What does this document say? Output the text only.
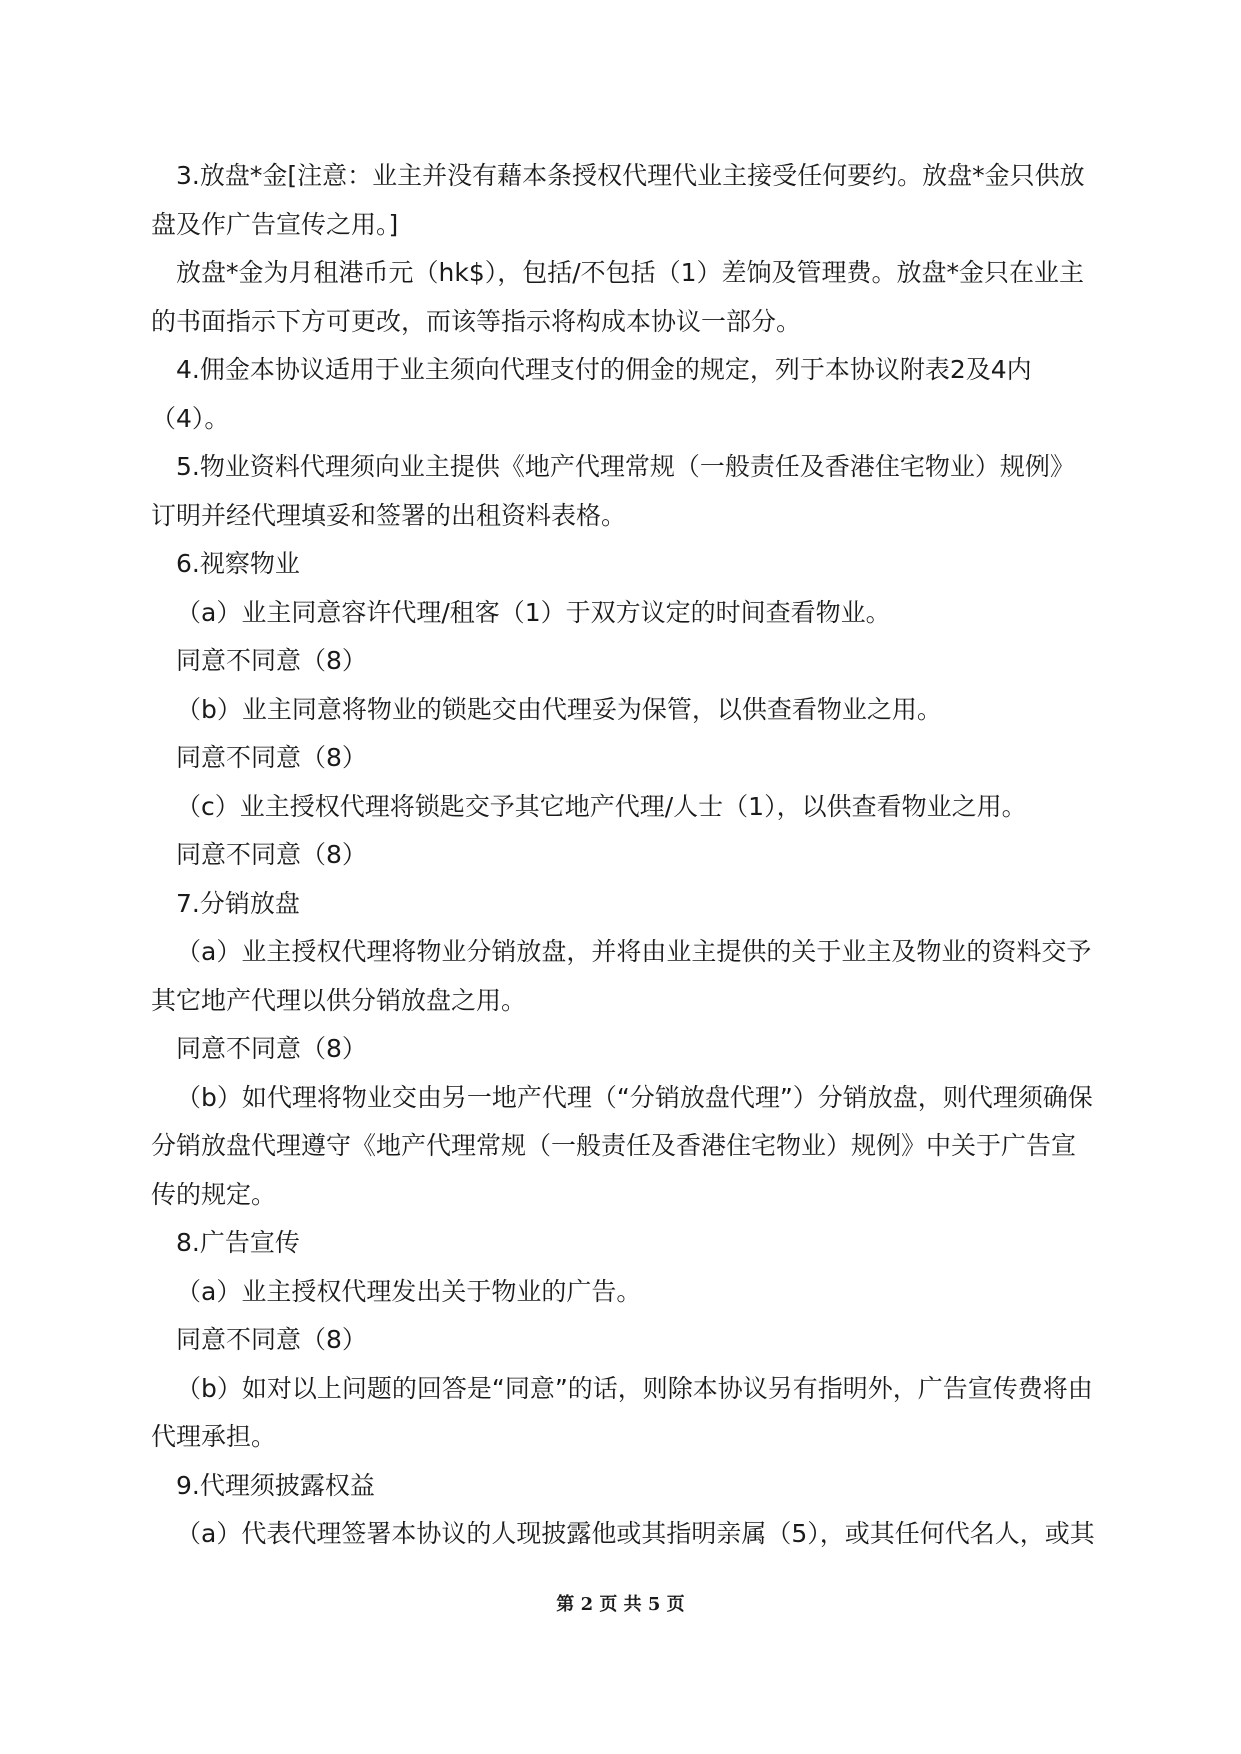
3.放盘*金[注意：业主并没有藉本条授权代理代业主接受任何要约。放盘*金只供放盘及作广告宣传之用。]

放盘*金为月租港币元（hk$），包括/不包括（1）差饷及管理费。放盘*金只在业主的书面指示下方可更改，而该等指示将构成本协议一部分。

4.佣金本协议适用于业主须向代理支付的佣金的规定，列于本协议附表2及4内（4）。

5.物业资料代理须向业主提供《地产代理常规（一般责任及香港住宅物业）规例》订明并经代理填妥和签署的出租资料表格。

6.视察物业

（a）业主同意容许代理/租客（1）于双方议定的时间查看物业。

同意不同意（8）

（b）业主同意将物业的锁匙交由代理妥为保管，以供查看物业之用。

同意不同意（8）

（c）业主授权代理将锁匙交予其它地产代理/人士（1），以供查看物业之用。

同意不同意（8）

7.分销放盘

（a）业主授权代理将物业分销放盘，并将由业主提供的关于业主及物业的资料交予其它地产代理以供分销放盘之用。

同意不同意（8）

（b）如代理将物业交由另一地产代理（“分销放盘代理”）分销放盘，则代理须确保分销放盘代理遵守《地产代理常规（一般责任及香港住宅物业）规例》中关于广告宣传的规定。

8.广告宣传

（a）业主授权代理发出关于物业的广告。

同意不同意（8）

（b）如对以上问题的回答是“同意”的话，则除本协议另有指明外，广告宣传费将由代理承担。

9.代理须披露权益

（a）代表代理签署本协议的人现披露他或其指明亲属（5），或其任何代名人，或其

第 2 页 共 5 页
